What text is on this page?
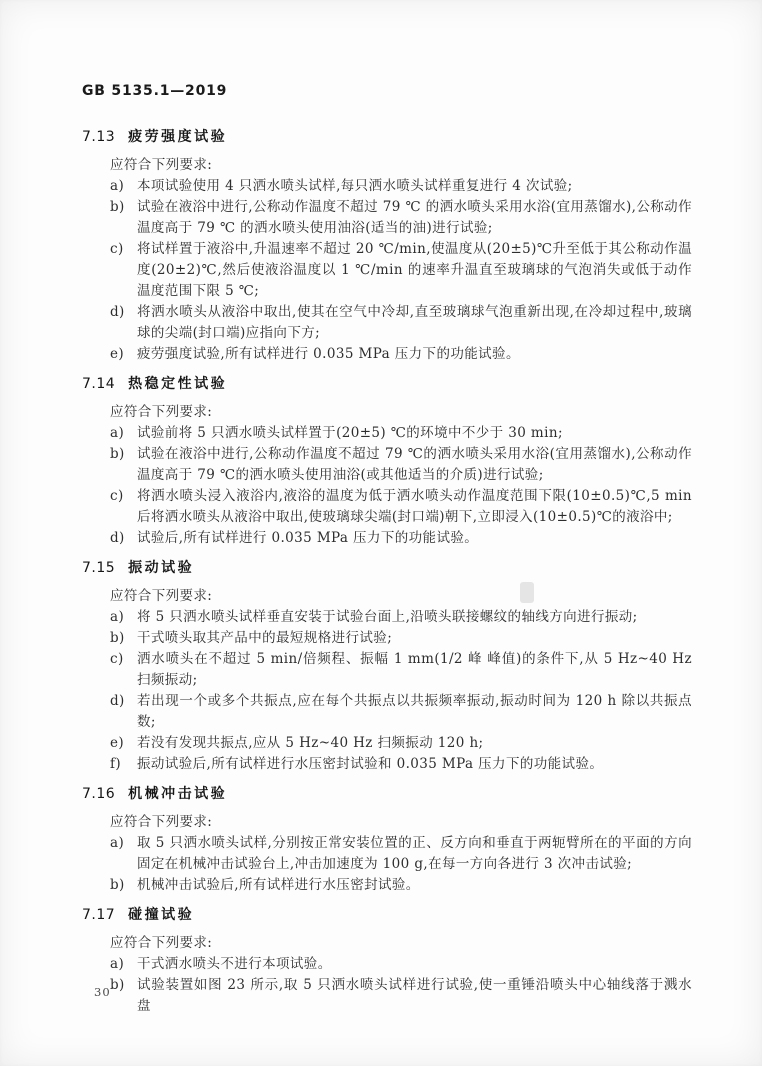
GB 5135.1—2019
7.13 疲劳强度试验
应符合下列要求:
a) 本项试验使用 4 只洒水喷头试样,每只洒水喷头试样重复进行 4 次试验;
b) 试验在液浴中进行,公称动作温度不超过 79 ℃ 的洒水喷头采用水浴(宜用蒸馏水),公称动作温度高于 79 ℃ 的洒水喷头使用油浴(适当的油)进行试验;
c) 将试样置于液浴中,升温速率不超过 20 ℃/min,使温度从(20±5)℃升至低于其公称动作温度(20±2)℃,然后使液浴温度以 1 ℃/min 的速率升温直至玻璃球的气泡消失或低于动作温度范围下限 5 ℃;
d) 将洒水喷头从液浴中取出,使其在空气中冷却,直至玻璃球气泡重新出现,在冷却过程中,玻璃球的尖端(封口端)应指向下方;
e) 疲劳强度试验,所有试样进行 0.035 MPa 压力下的功能试验。
7.14 热稳定性试验
应符合下列要求:
a) 试验前将 5 只洒水喷头试样置于(20±5) ℃的环境中不少于 30 min;
b) 试验在液浴中进行,公称动作温度不超过 79 ℃的洒水喷头采用水浴(宜用蒸馏水),公称动作温度高于 79 ℃的洒水喷头使用油浴(或其他适当的介质)进行试验;
c) 将洒水喷头浸入液浴内,液浴的温度为低于洒水喷头动作温度范围下限(10±0.5)℃,5 min 后将洒水喷头从液浴中取出,使玻璃球尖端(封口端)朝下,立即浸入(10±0.5)℃的液浴中;
d) 试验后,所有试样进行 0.035 MPa 压力下的功能试验。
7.15 振动试验
应符合下列要求:
a) 将 5 只洒水喷头试样垂直安装于试验台面上,沿喷头联接螺纹的轴线方向进行振动;
b) 干式喷头取其产品中的最短规格进行试验;
c) 洒水喷头在不超过 5 min/倍频程、振幅 1 mm(1/2 峰 峰值)的条件下,从 5 Hz~40 Hz 扫频振动;
d) 若出现一个或多个共振点,应在每个共振点以共振频率振动,振动时间为 120 h 除以共振点数;
e) 若没有发现共振点,应从 5 Hz~40 Hz 扫频振动 120 h;
f)	振动试验后,所有试样进行水压密封试验和 0.035 MPa 压力下的功能试验。
7.16 机械冲击试验
应符合下列要求:
a) 取 5 只洒水喷头试样,分别按正常安装位置的正、反方向和垂直于两轭臂所在的平面的方向固定在机械冲击试验台上,冲击加速度为 100 g,在每一方向各进行 3 次冲击试验;
b) 机械冲击试验后,所有试样进行水压密封试验。
7.17 碰撞试验
应符合下列要求:
a) 干式洒水喷头不进行本项试验。
b) 试验装置如图 23 所示,取 5 只洒水喷头试样进行试验,使一重锤沿喷头中心轴线落于溅水盘
30
